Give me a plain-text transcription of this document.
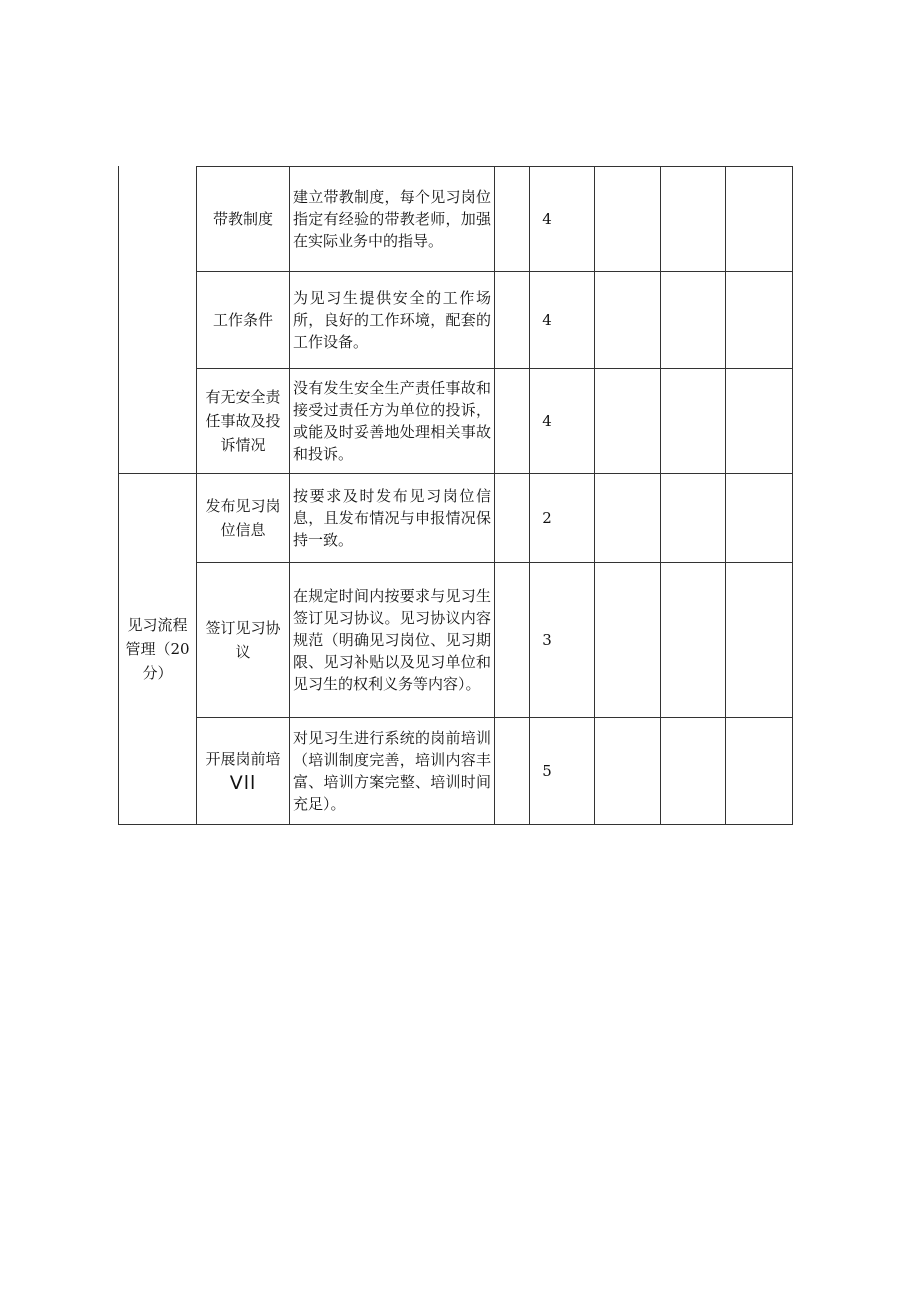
见习流程管理（20分）
带教制度
建立带教制度，每个见习岗位指定有经验的带教老师，加强在实际业务中的指导。
4
工作条件
为见习生提供安全的工作场所，良好的工作环境，配套的工作设备。
4
有无安全责任事故及投诉情况
没有发生安全生产责任事故和接受过责任方为单位的投诉，或能及时妥善地处理相关事故和投诉。
4
发布见习岗位信息
按要求及时发布见习岗位信息，且发布情况与申报情况保持一致。
2
签订见习协议
在规定时间内按要求与见习生签订见习协议。见习协议内容规范（明确见习岗位、见习期限、见习补贴以及见习单位和见习生的权利义务等内容）。
3
开展岗前培
Vll
对见习生进行系统的岗前培训（培训制度完善，培训内容丰富、培训方案完整、培训时间充足）。
5
